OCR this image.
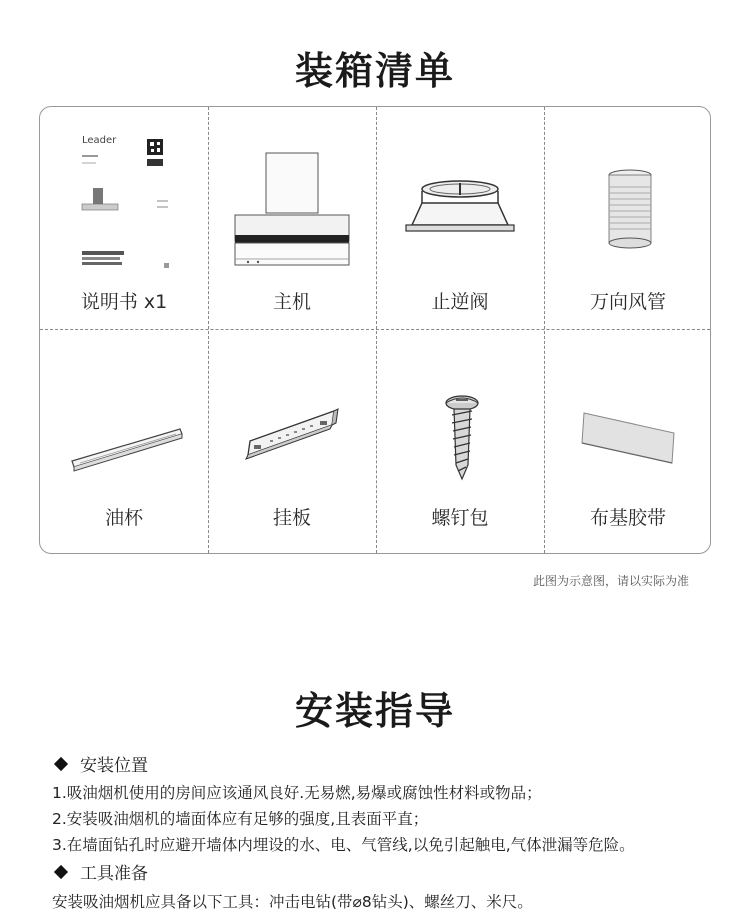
装箱清单
Leader
说明书 x1	主机	止逆阀	万向风管
油杯	挂板	螺钉包	布基胶带
此图为示意图，请以实际为准
安装指导
安装位置
1.吸油烟机使用的房间应该通风良好.无易燃,易爆或腐蚀性材料或物品；
2.安装吸油烟机的墙面体应有足够的强度,且表面平直；
3.在墙面钻孔时应避开墙体内埋设的水、电、气管线,以免引起触电,气体泄漏等危险。
工具准备
安装吸油烟机应具备以下工具：冲击电钻(带⌀8钻头)、螺丝刀、米尺。
